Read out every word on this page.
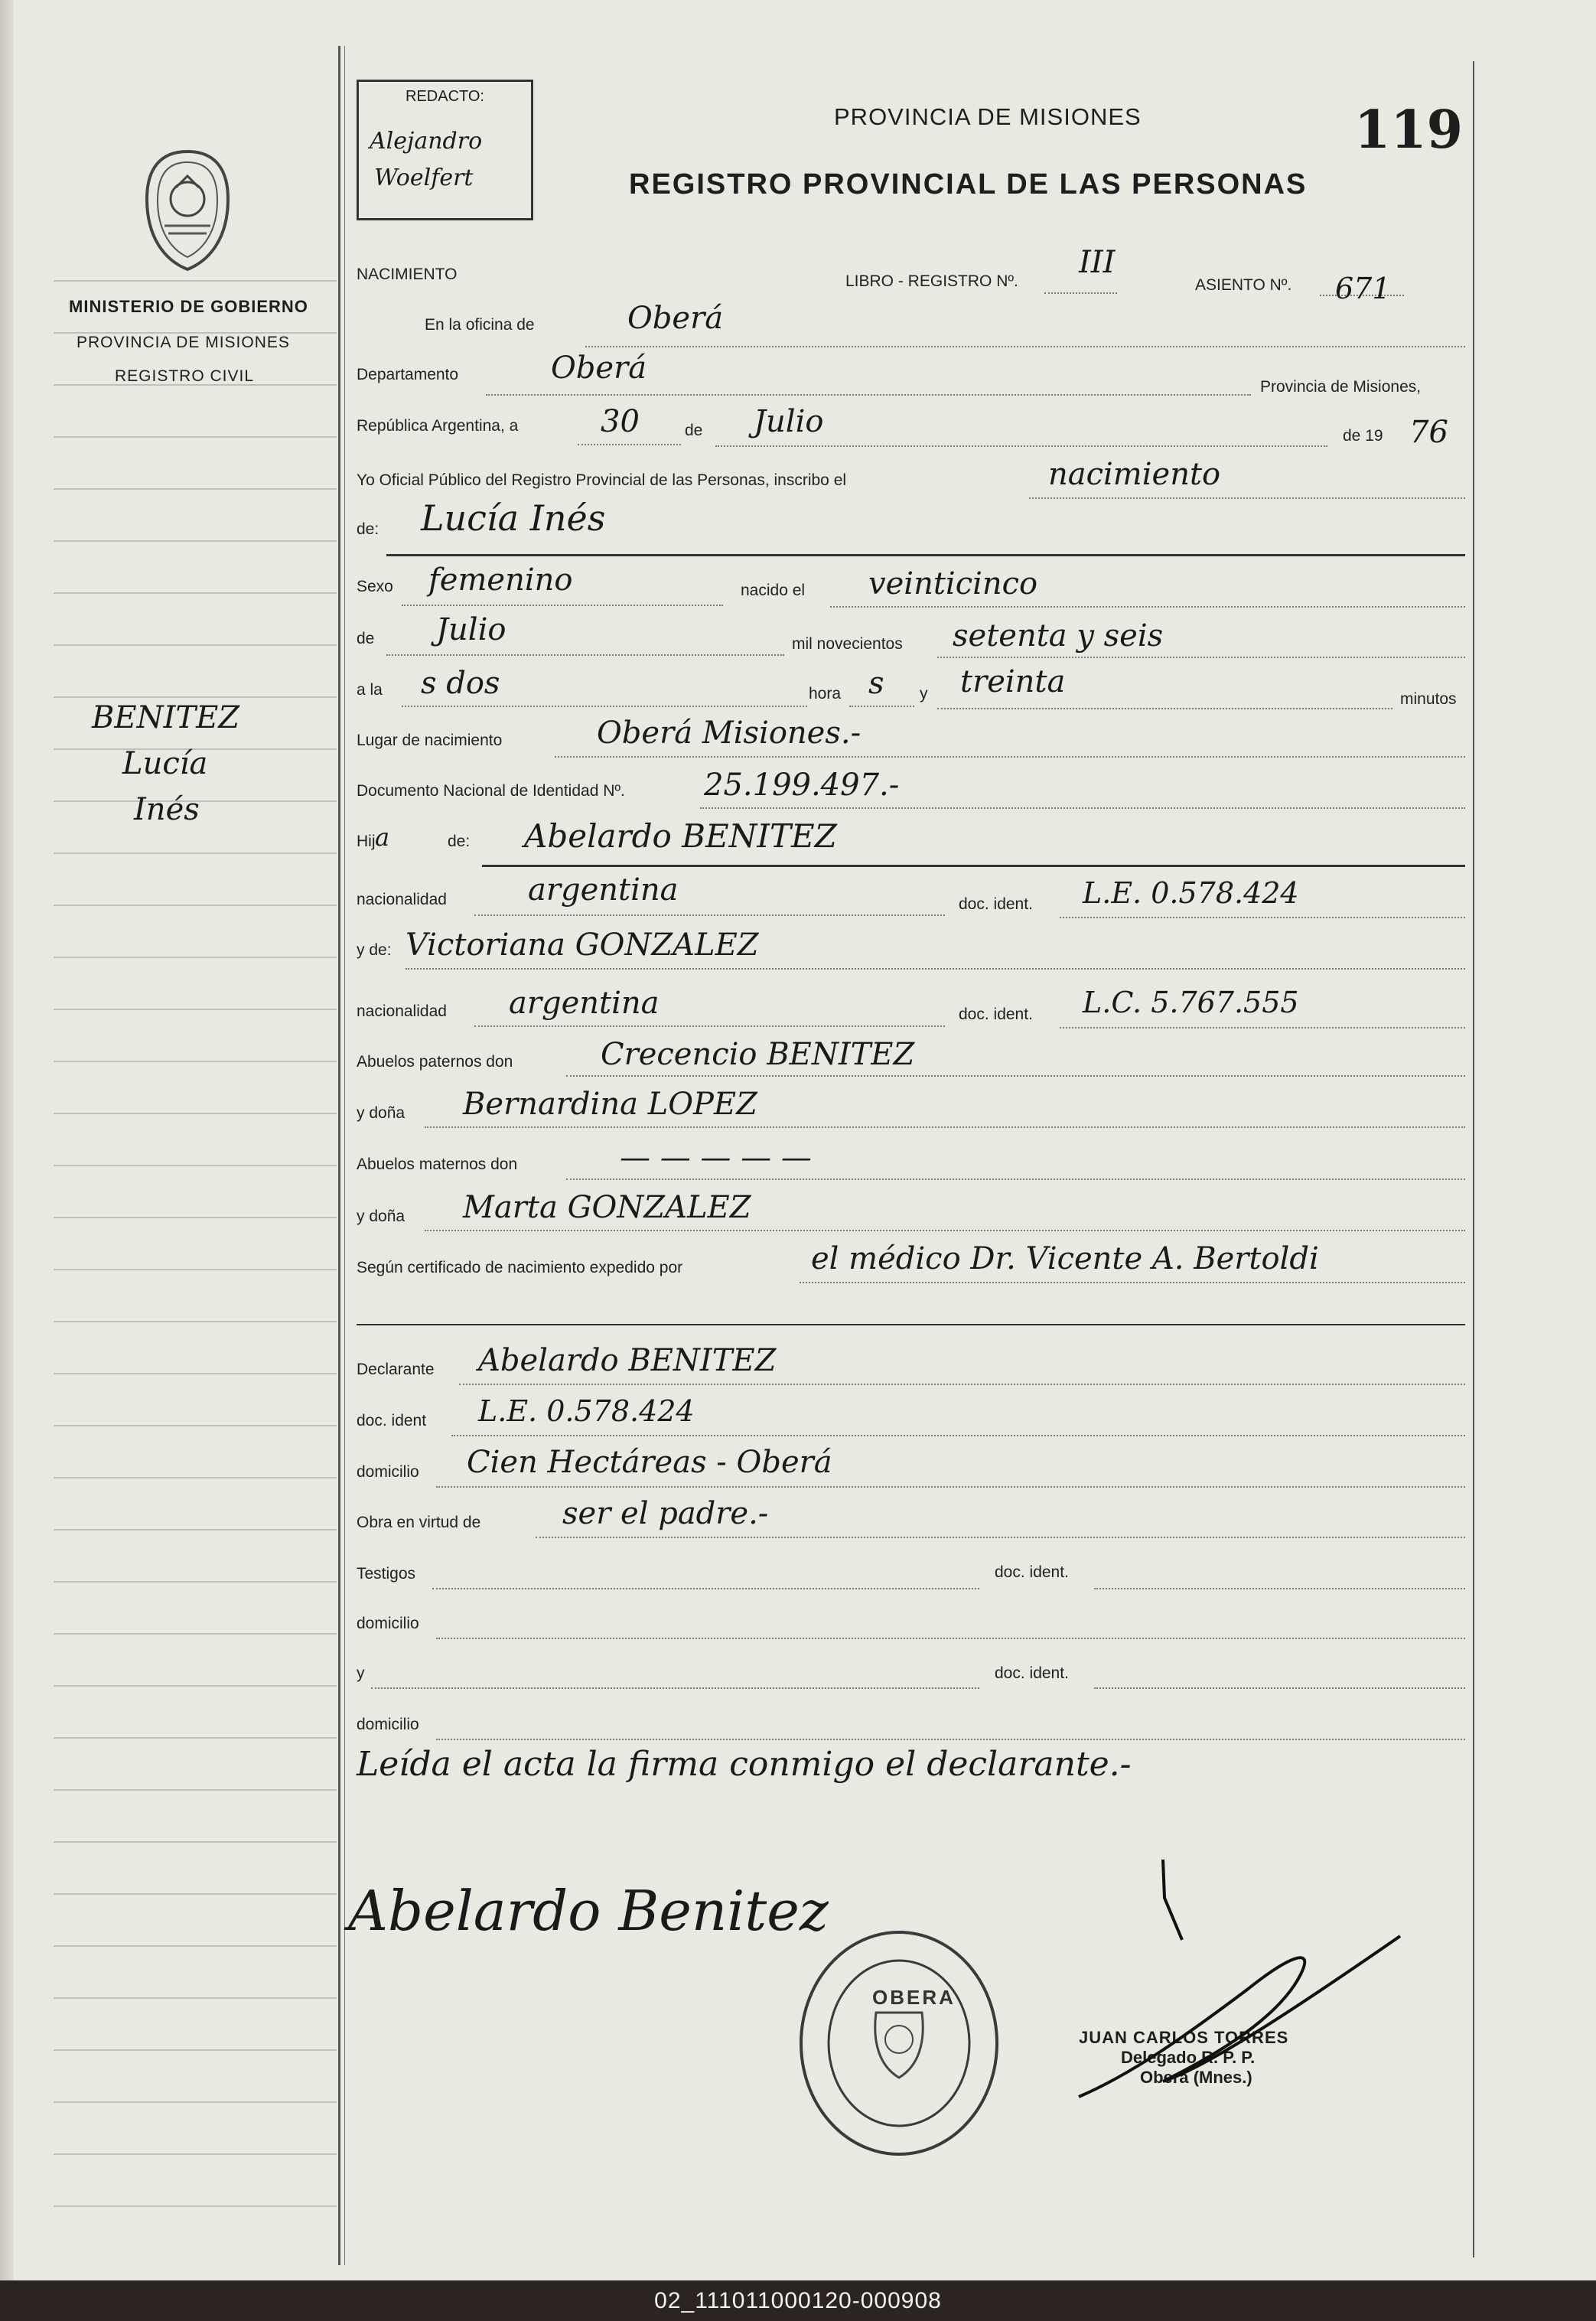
MINISTERIO DE GOBIERNO
PROVINCIA DE MISIONES
REGISTRO CIVIL
BENITEZ
Lucía
Inés
REDACTO:
Alejandro
Woelfert
PROVINCIA DE MISIONES
REGISTRO PROVINCIAL DE LAS PERSONAS
119
NACIMIENTO	LIBRO - REGISTRO Nº.
III
ASIENTO Nº. 671
En la oficina de	Oberá
Departamento	Oberá
Provincia de Misiones,
República Argentina, a	30	de Julio	de 19 76
Yo Oficial Público del Registro Provincial de las Personas, inscribo el	nacimiento
de: Lucía Inés
Sexo femenino	nacido el veinticinco
de Julio	mil novecientos setenta y seis
a la s dos	hora s y treinta	minutos
Lugar de nacimiento	Oberá Misiones.-
Documento Nacional de Identidad Nº.	25.199.497.-
Hij a	de: Abelardo BENITEZ
nacionalidad	argentina	doc. ident. L.E. 0.578.424
y de: Victoriana GONZALEZ
nacionalidad argentina	doc. ident. L.C. 5.767.555
Abuelos paternos don	Crecencio BENITEZ
y doña Bernardina LOPEZ
Abuelos maternos don	— — — — —
y doña Marta GONZALEZ
Según certificado de nacimiento expedido por	el médico Dr. Vicente A. Bertoldi
Declarante Abelardo BENITEZ
doc. ident L.E. 0.578.424
domicilio Cien Hectáreas - Oberá
Obra en virtud de	ser el padre.-
Testigos	doc. ident.
domicilio
y	doc. ident.
domicilio
Leída el acta la firma conmigo el declarante.-
Abelardo Benitez
OBERA
JUAN CARLOS TORRES
Delegado R. P. P.
Oberá (Mnes.)
02_111011000120-000908
